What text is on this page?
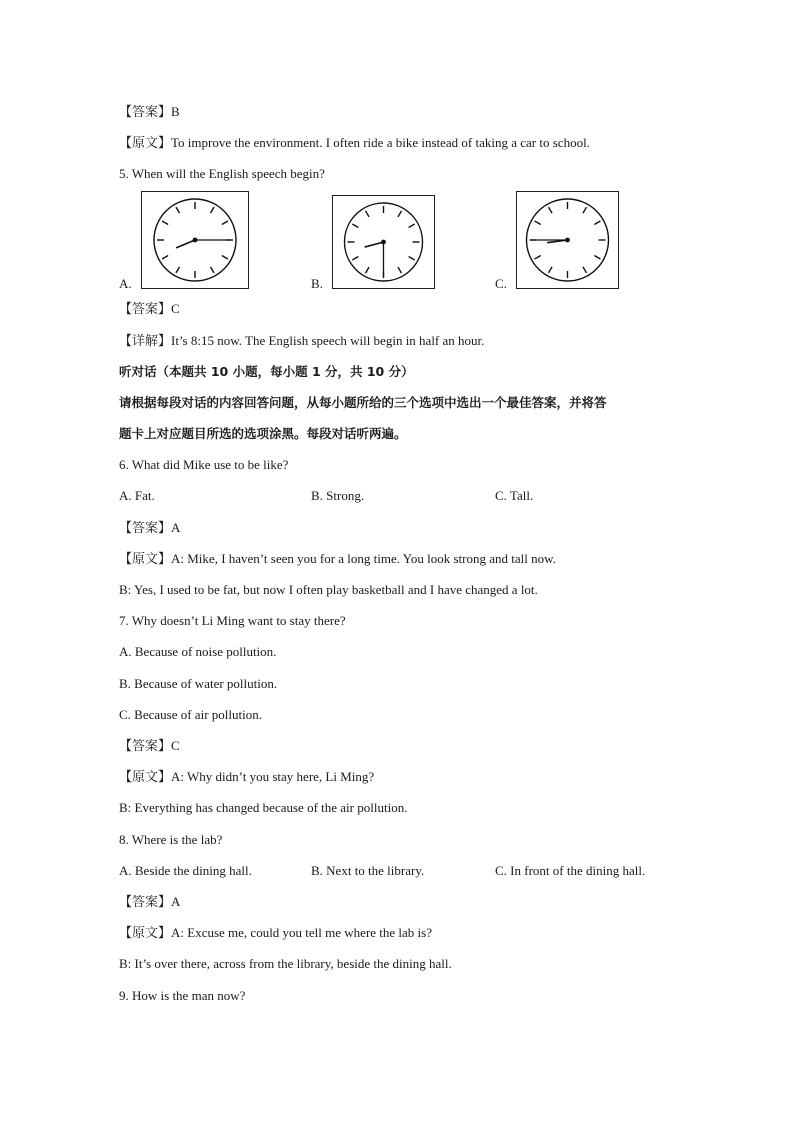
【答案】B
【原文】To improve the environment. I often ride a bike instead of taking a car to school.
5. When will the English speech begin?
A.	B.	C.
【答案】C
【详解】It’s 8:15 now. The English speech will begin in half an hour.
听对话（本题共 10 小题，每小题 1 分，共 10 分）
请根据每段对话的内容回答问题，从每小题所给的三个选项中选出一个最佳答案，并将答
题卡上对应题目所选的选项涂黑。每段对话听两遍。
6. What did Mike use to be like?
A. Fat.	B. Strong.	C. Tall.
【答案】A
【原文】A: Mike, I haven’t seen you for a long time. You look strong and tall now.
B: Yes, I used to be fat, but now I often play basketball and I have changed a lot.
7. Why doesn’t Li Ming want to stay there?
A. Because of noise pollution.
B. Because of water pollution.
C. Because of air pollution.
【答案】C
【原文】A: Why didn’t you stay here, Li Ming?
B: Everything has changed because of the air pollution.
8. Where is the lab?
A. Beside the dining hall.	B. Next to the library.	C. In front of the dining hall.
【答案】A
【原文】A: Excuse me, could you tell me where the lab is?
B: It’s over there, across from the library, beside the dining hall.
9. How is the man now?
